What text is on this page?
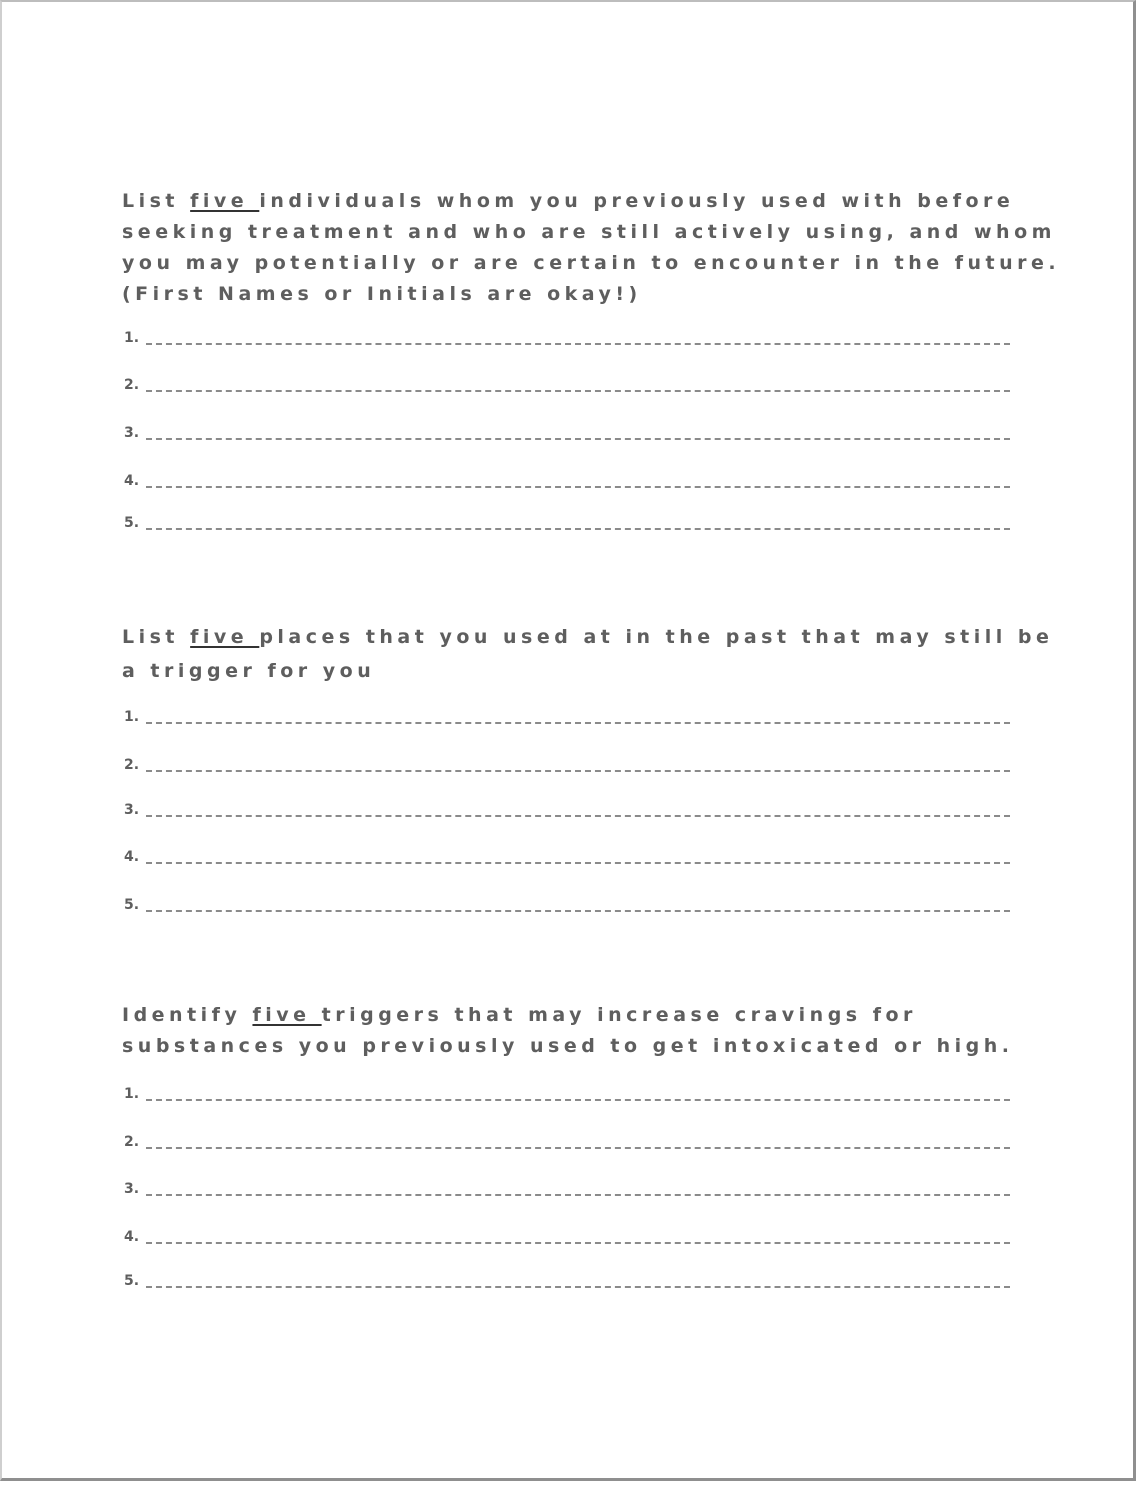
List five individuals whom you previously used with before
seeking treatment and who are still actively using, and whom
you may potentially or are certain to encounter in the future.
(First Names or Initials are okay!)
1.
2.
3.
4.
5.
List five places that you used at in the past that may still be
a trigger for you
1.
2.
3.
4.
5.
Identify five triggers that may increase cravings for
substances you previously used to get intoxicated or high.
1.
2.
3.
4.
5.
